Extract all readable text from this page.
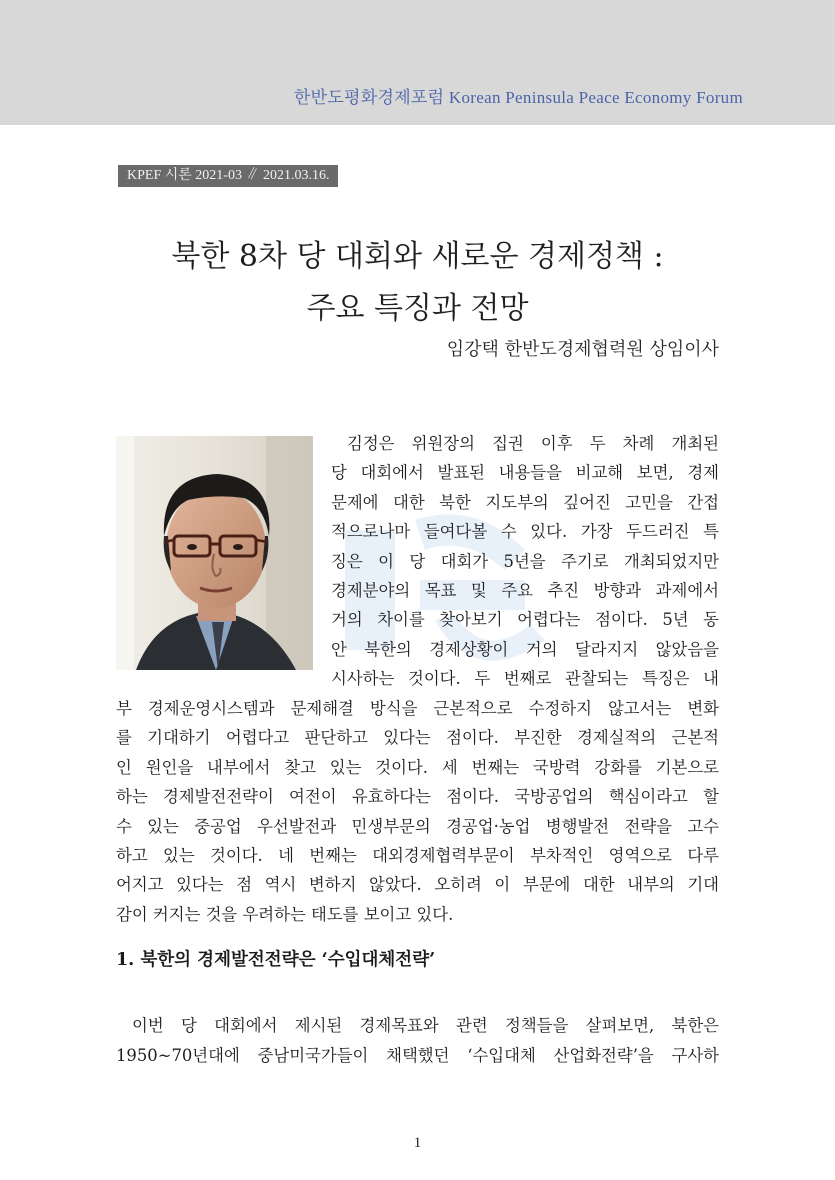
한반도평화경제포럼 Korean Peninsula Peace Economy Forum
KPEF 시론 2021-03 ∥ 2021.03.16.
북한 8차 당 대회와 새로운 경제정책 :
주요 특징과 전망
임강택 한반도경제협력원 상임이사
김정은 위원장의 집권 이후 두 차례 개최된
당 대회에서 발표된 내용들을 비교해 보면, 경제
문제에 대한 북한 지도부의 깊어진 고민을 간접
적으로나마 들여다볼 수 있다. 가장 두드러진 특
징은 이 당 대회가 5년을 주기로 개최되었지만
경제분야의 목표 및 주요 추진 방향과 과제에서
거의 차이를 찾아보기 어렵다는 점이다. 5년 동
안 북한의 경제상황이 거의 달라지지 않았음을
시사하는 것이다. 두 번째로 관찰되는 특징은 내
부 경제운영시스템과 문제해결 방식을 근본적으로 수정하지 않고서는 변화
를 기대하기 어렵다고 판단하고 있다는 점이다. 부진한 경제실적의 근본적
인 원인을 내부에서 찾고 있는 것이다. 세 번째는 국방력 강화를 기본으로
하는 경제발전전략이 여전이 유효하다는 점이다. 국방공업의 핵심이라고 할
수 있는 중공업 우선발전과 민생부문의 경공업·농업 병행발전 전략을 고수
하고 있는 것이다. 네 번째는 대외경제협력부문이 부차적인 영역으로 다루
어지고 있다는 점 역시 변하지 않았다. 오히려 이 부문에 대한 내부의 기대
감이 커지는 것을 우려하는 태도를 보이고 있다.
1. 북한의 경제발전전략은 ‘수입대체전략’
이번 당 대회에서 제시된 경제목표와 관련 정책들을 살펴보면, 북한은
1950~70년대에 중남미국가들이 채택했던 ‘수입대체 산업화전략’을 구사하
1
